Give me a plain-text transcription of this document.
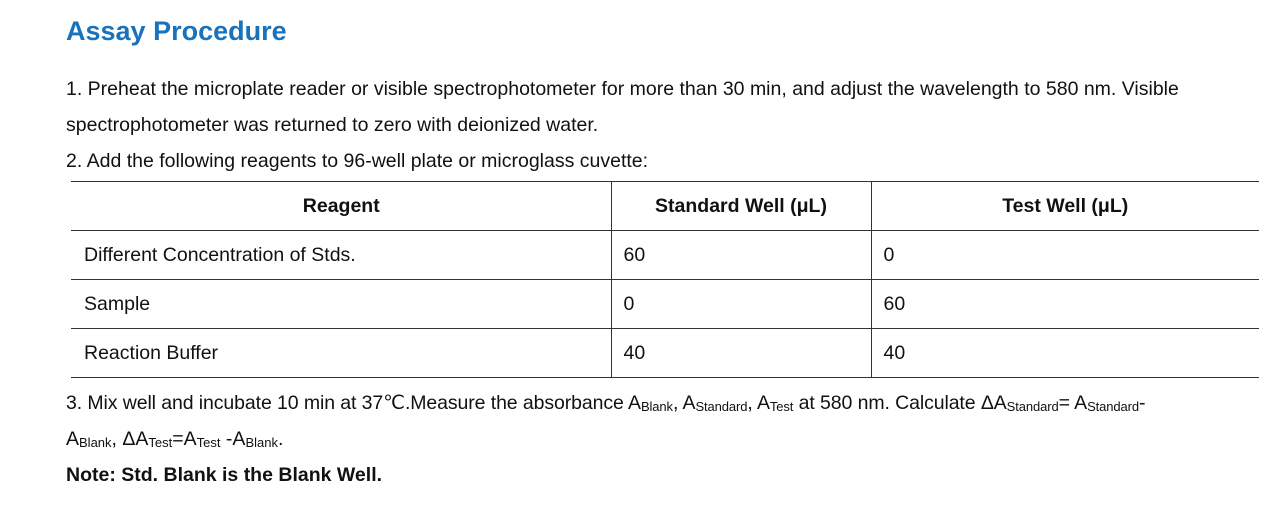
Assay Procedure
1. Preheat the microplate reader or visible spectrophotometer for more than 30 min, and adjust the wavelength to 580 nm. Visible
spectrophotometer was returned to zero with deionized water.
2. Add the following reagents to 96-well plate or microglass cuvette:
Reagent	Standard Well (μL)	Test Well (μL)
Different Concentration of Stds.	60	0
Sample	0	60
Reaction Buffer	40	40
3. Mix well and incubate 10 min at 37℃.Measure the absorbance ABlank, AStandard, ATest at 580 nm. Calculate ΔAStandard= AStandard-
ABlank, ΔATest=ATest -ABlank.
Note: Std. Blank is the Blank Well.
